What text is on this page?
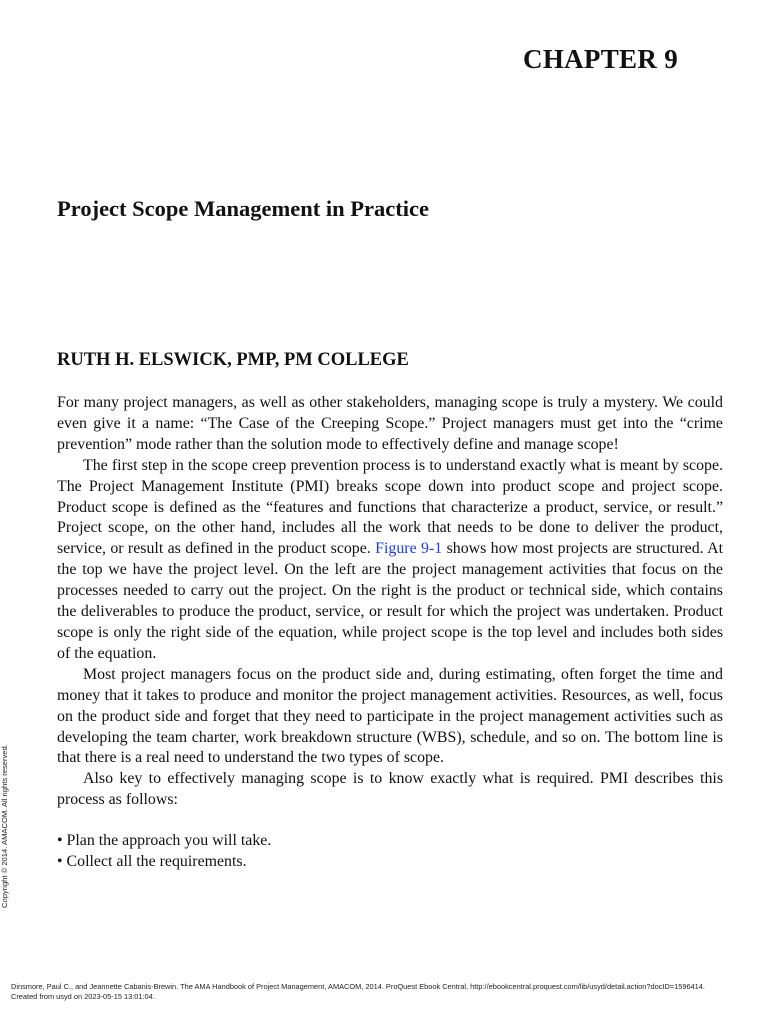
CHAPTER 9
Project Scope Management in Practice
RUTH H. ELSWICK, PMP, PM COLLEGE

For many project managers, as well as other stakeholders, managing scope is truly a mystery. We could even give it a name: “The Case of the Creeping Scope.” Project managers must get into the “crime prevention” mode rather than the solution mode to effectively define and manage scope!

The first step in the scope creep prevention process is to understand exactly what is meant by scope. The Project Management Institute (PMI) breaks scope down into product scope and project scope. Product scope is defined as the “features and functions that characterize a product, service, or result.” Project scope, on the other hand, includes all the work that needs to be done to deliver the product, service, or result as defined in the product scope. Figure 9-1 shows how most projects are structured. At the top we have the project level. On the left are the project management activities that focus on the processes needed to carry out the project. On the right is the product or technical side, which contains the deliverables to produce the product, service, or result for which the project was undertaken. Product scope is only the right side of the equation, while project scope is the top level and includes both sides of the equation.

Most project managers focus on the product side and, during estimating, often forget the time and money that it takes to produce and monitor the project management activities. Resources, as well, focus on the product side and forget that they need to participate in the project management activities such as developing the team charter, work breakdown structure (WBS), schedule, and so on. The bottom line is that there is a real need to understand the two types of scope.

Also key to effectively managing scope is to know exactly what is required. PMI describes this process as follows:

• Plan the approach you will take.
• Collect all the requirements.
Copyright © 2014. AMACOM. All rights reserved.
Dinsmore, Paul C., and Jeannette Cabanis-Brewin. The AMA Handbook of Project Management, AMACOM, 2014. ProQuest Ebook Central, http://ebookcentral.proquest.com/lib/usyd/detail.action?docID=1596414.
Created from usyd on 2023-05-15 13:01:04.
